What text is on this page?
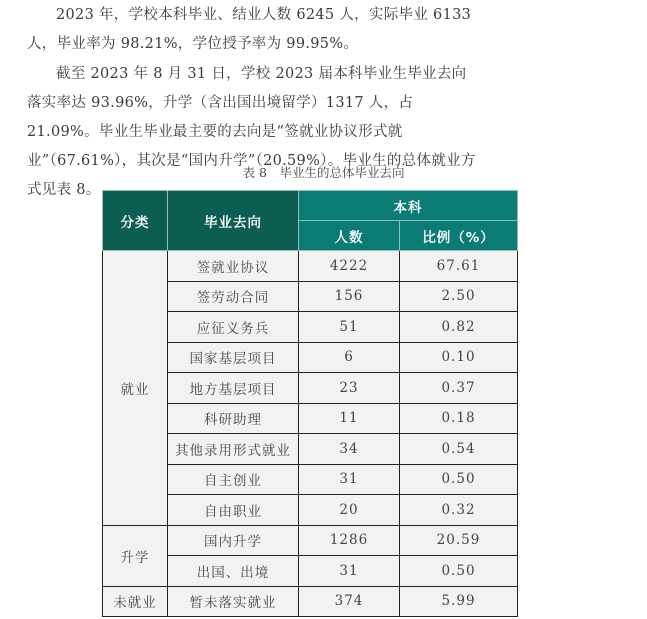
2023 年，学校本科毕业、结业人数 6245 人，实际毕业 6133 人，毕业率为 98.21%，学位授予率为 99.95%。
截至 2023 年 8 月 31 日，学校 2023 届本科毕业生毕业去向落实率达 93.96%，升学（含出国出境留学）1317 人，占 21.09%。毕业生毕业最主要的去向是“签就业协议形式就业”（67.61%），其次是“国内升学”（20.59%）。毕业生的总体就业方式见表 8。
表 8　毕业生的总体毕业去向
分类	毕业去向	本科	
		人数	比例（%）
就业	签就业协议	4222	67.61
	签劳动合同	156	2.50
	应征义务兵	51	0.82
	国家基层项目	6	0.10
	地方基层项目	23	0.37
	科研助理	11	0.18
	其他录用形式就业	34	0.54
	自主创业	31	0.50
	自由职业	20	0.32
升学	国内升学	1286	20.59
	出国、出境	31	0.50
未就业	暂未落实就业	374	5.99
